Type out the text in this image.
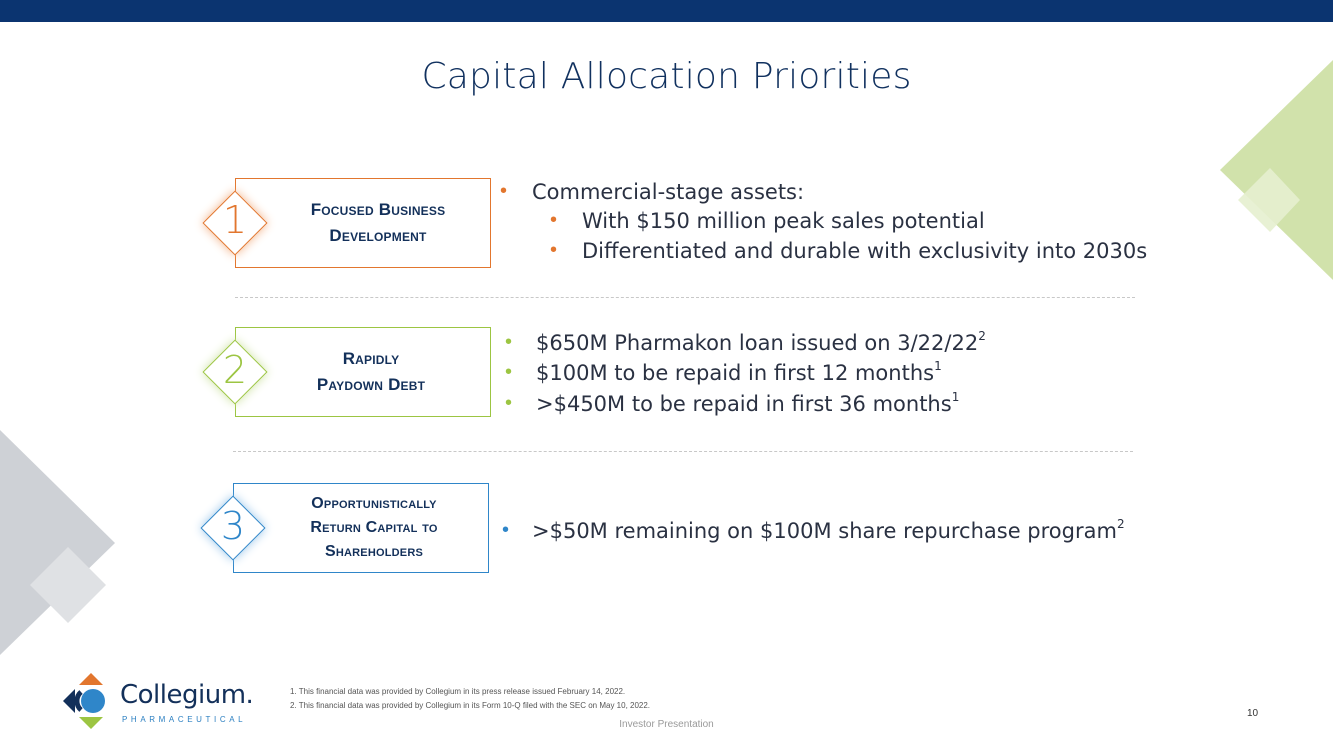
Capital Allocation Priorities
Focused Business
Development
1
• Commercial-stage assets:
• With $150 million peak sales potential
• Differentiated and durable with exclusivity into 2030s
Rapidly
Paydown Debt
2
• $650M Pharmakon loan issued on $3/22/22^2$
• $100M to be repaid in first 12 months$^1$
• >$450M to be repaid in first 36 months$^1$
Opportunistically
Return Capital to
Shareholders
3	• >$50M remaining on $100M share repurchase program$^2$
Collegium.
PHARMACEUTICAL
1. This financial data was provided by Collegium in its press release issued February 14, 2022.
2. This financial data was provided by Collegium in its Form 10-Q filed with the SEC on May 10, 2022.
Investor Presentation
10
